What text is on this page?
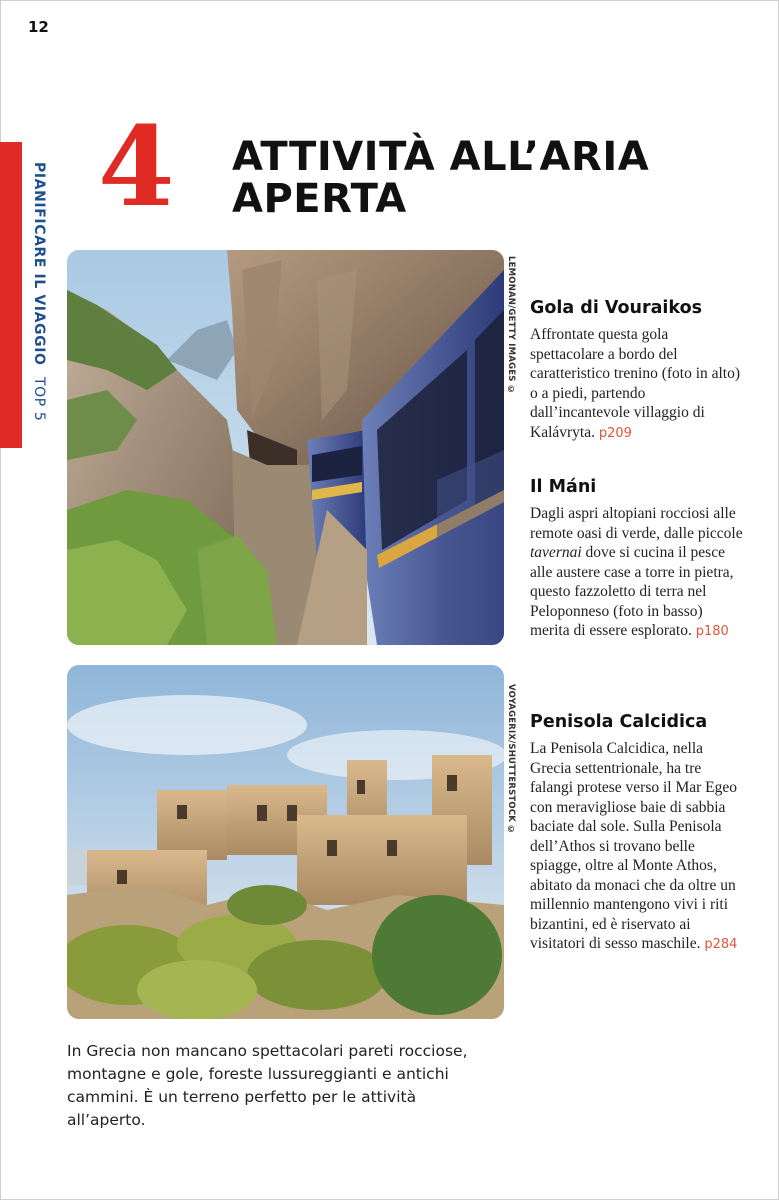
12
PIANIFICARE IL VIAGGIO TOP 5
4 ATTIVITÀ ALL’ARIA
APERTA
LEMONAN/GETTY IMAGES ©
VOYAGERIX/SHUTTERSTOCK ©
Gola di Vouraikos

Affrontate questa gola spettacolare a bordo del caratteristico trenino (foto in alto) o a piedi, partendo dall’incantevole villaggio di Kalávryta. p209

Il Máni

Dagli aspri altopiani rocciosi alle remote oasi di verde, dalle piccole tavernai dove si cucina il pesce alle austere case a torre in pietra, questo fazzoletto di terra nel Peloponneso (foto in basso) merita di essere esplorato. p180

Penisola Calcidica

La Penisola Calcidica, nella Grecia settentrionale, ha tre falangi protese verso il Mar Egeo con meravigliose baie di sabbia baciate dal sole. Sulla Penisola dell’Athos si trovano belle spiagge, oltre al Monte Athos, abitato da monaci che da oltre un millennio mantengono vivi i riti bizantini, ed è riservato ai visitatori di sesso maschile. p284

In Grecia non mancano spettacolari pareti rocciose, montagne e gole, foreste lussureggianti e antichi cammini. È un terreno perfetto per le attività all’aperto.
